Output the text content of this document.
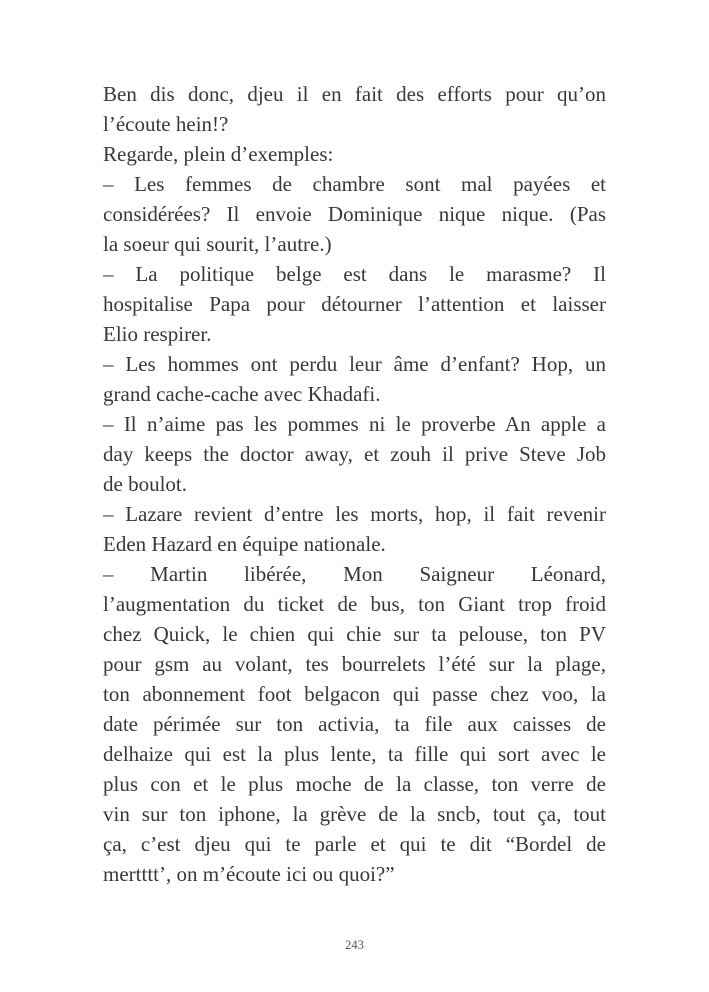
Ben dis donc, djeu il en fait des efforts pour qu’on
l’écoute hein!?
Regarde, plein d’exemples:
– Les femmes de chambre sont mal payées et
considérées? Il envoie Dominique nique nique. (Pas
la soeur qui sourit, l’autre.)
– La politique belge est dans le marasme? Il
hospitalise Papa pour détourner l’attention et laisser
Elio respirer.
– Les hommes ont perdu leur âme d’enfant? Hop, un
grand cache-cache avec Khadafi.
– Il n’aime pas les pommes ni le proverbe An apple a
day keeps the doctor away, et zouh il prive Steve Job
de boulot.
– Lazare revient d’entre les morts, hop, il fait revenir
Eden Hazard en équipe nationale.
– Martin libérée, Mon Saigneur Léonard,
l’augmentation du ticket de bus, ton Giant trop froid
chez Quick, le chien qui chie sur ta pelouse, ton PV
pour gsm au volant, tes bourrelets l’été sur la plage,
ton abonnement foot belgacon qui passe chez voo, la
date périmée sur ton activia, ta file aux caisses de
delhaize qui est la plus lente, ta fille qui sort avec le
plus con et le plus moche de la classe, ton verre de
vin sur ton iphone, la grève de la sncb, tout ça, tout
ça, c’est djeu qui te parle et qui te dit “Bordel de
mertttt’, on m’écoute ici ou quoi?”
243
